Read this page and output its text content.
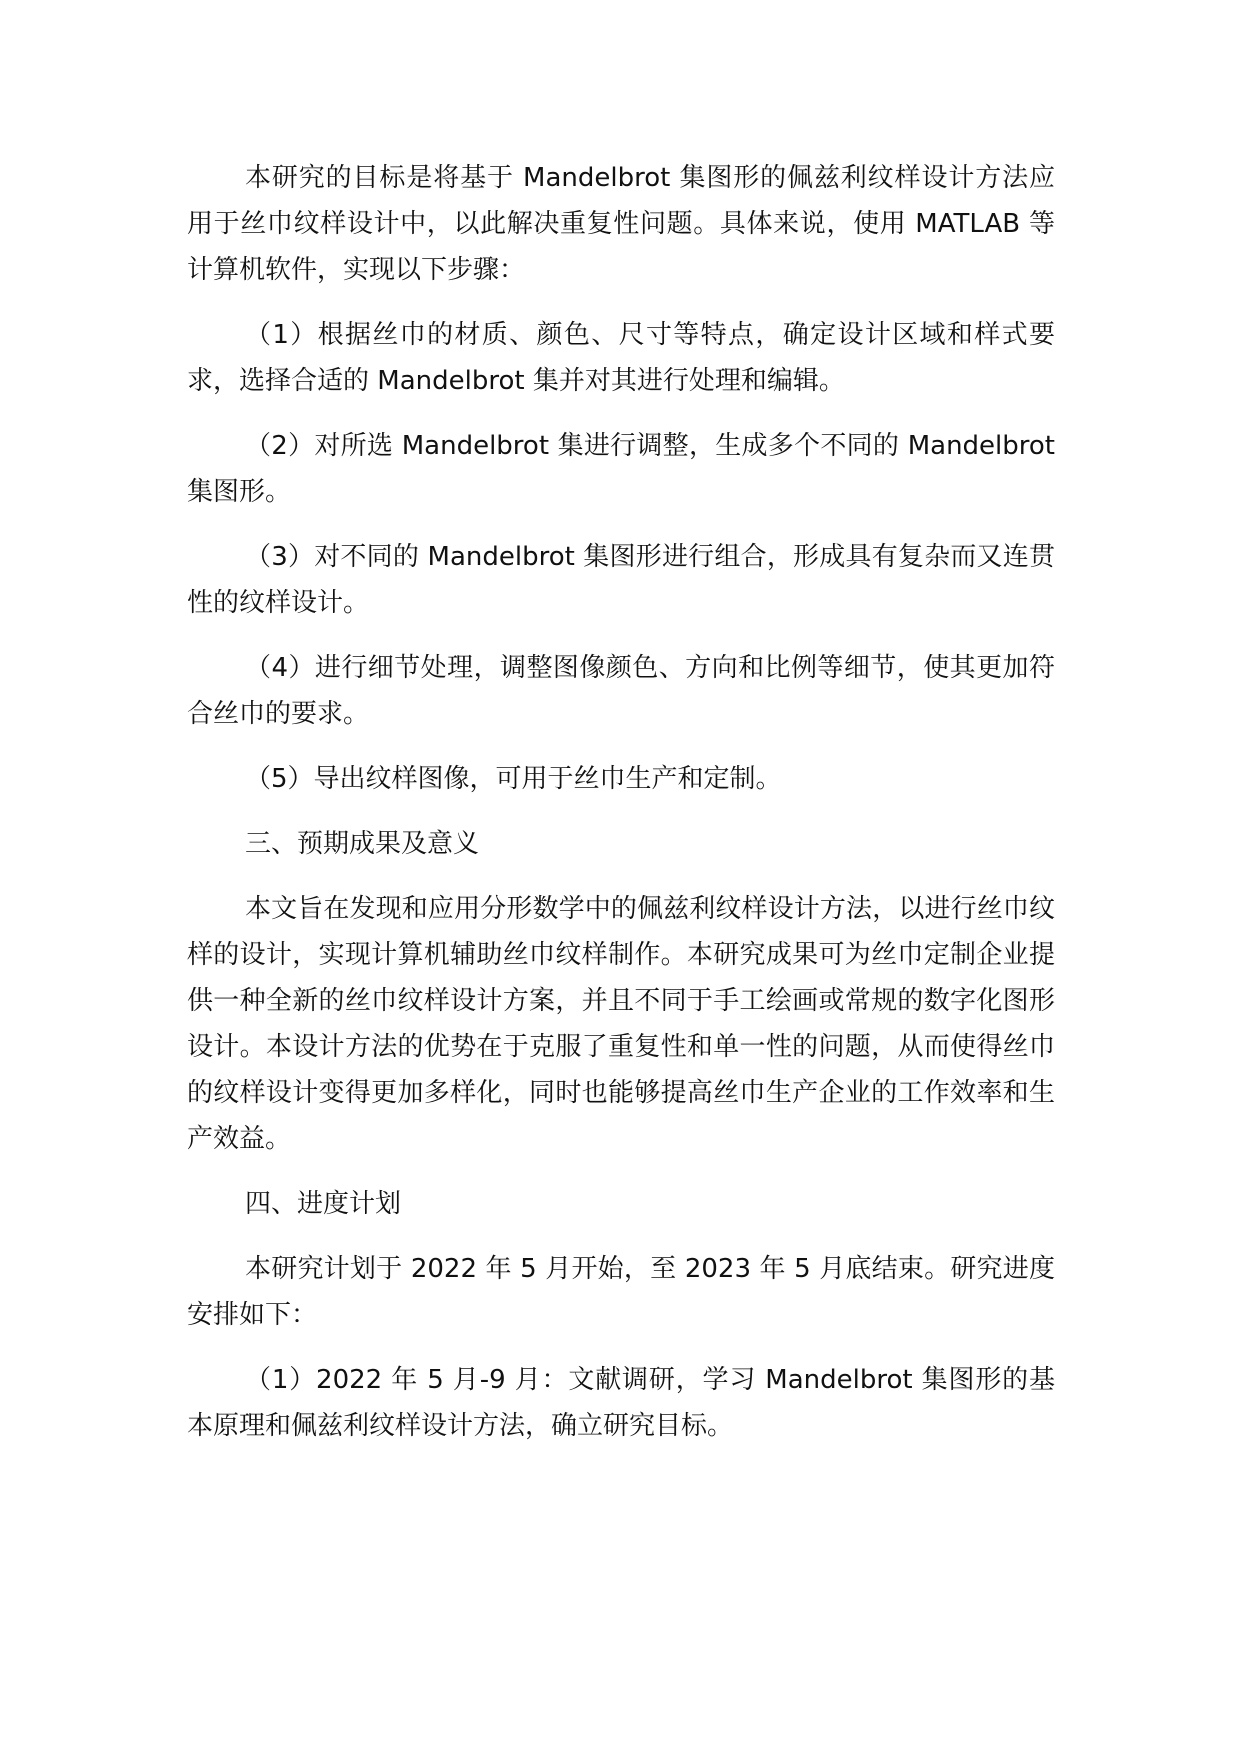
本研究的目标是将基于 Mandelbrot 集图形的佩兹利纹样设计方法应用于丝巾纹样设计中，以此解决重复性问题。具体来说，使用 MATLAB 等计算机软件，实现以下步骤：

（1）根据丝巾的材质、颜色、尺寸等特点，确定设计区域和样式要求，选择合适的 Mandelbrot 集并对其进行处理和编辑。

（2）对所选 Mandelbrot 集进行调整，生成多个不同的 Mandelbrot 集图形。

（3）对不同的 Mandelbrot 集图形进行组合，形成具有复杂而又连贯性的纹样设计。

（4）进行细节处理，调整图像颜色、方向和比例等细节，使其更加符合丝巾的要求。

（5）导出纹样图像，可用于丝巾生产和定制。

三、预期成果及意义

本文旨在发现和应用分形数学中的佩兹利纹样设计方法，以进行丝巾纹样的设计，实现计算机辅助丝巾纹样制作。本研究成果可为丝巾定制企业提供一种全新的丝巾纹样设计方案，并且不同于手工绘画或常规的数字化图形设计。本设计方法的优势在于克服了重复性和单一性的问题，从而使得丝巾的纹样设计变得更加多样化，同时也能够提高丝巾生产企业的工作效率和生产效益。

四、进度计划

本研究计划于 2022 年 5 月开始，至 2023 年 5 月底结束。研究进度安排如下：

（1）2022 年 5 月-9 月：文献调研，学习 Mandelbrot 集图形的基本原理和佩兹利纹样设计方法，确立研究目标。
